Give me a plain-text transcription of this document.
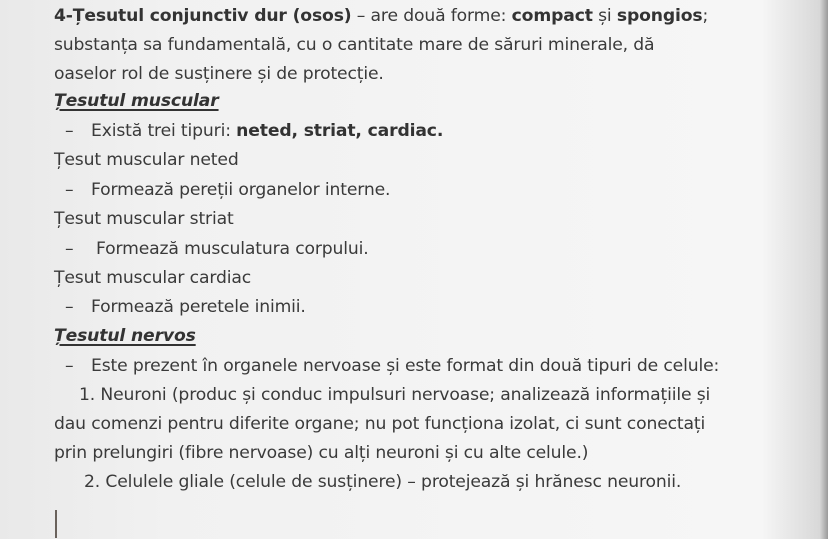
4-Țesutul conjunctiv dur (osos) – are două forme: compact și spongios;
substanța sa fundamentală, cu o cantitate mare de săruri minerale, dă
oaselor rol de susținere și de protecție.
Țesutul muscular
– Există trei tipuri: neted, striat, cardiac.
Țesut muscular neted
– Formează pereții organelor interne.
Țesut muscular striat
– Formează musculatura corpului.
Țesut muscular cardiac
– Formează peretele inimii.
Țesutul nervos
– Este prezent în organele nervoase și este format din două tipuri de celule:
1. Neuroni (produc și conduc impulsuri nervoase; analizează informațiile și
dau comenzi pentru diferite organe; nu pot funcționa izolat, ci sunt conectați
prin prelungiri (fibre nervoase) cu alți neuroni și cu alte celule.)
2. Celulele gliale (celule de susținere) – protejează și hrănesc neuronii.
